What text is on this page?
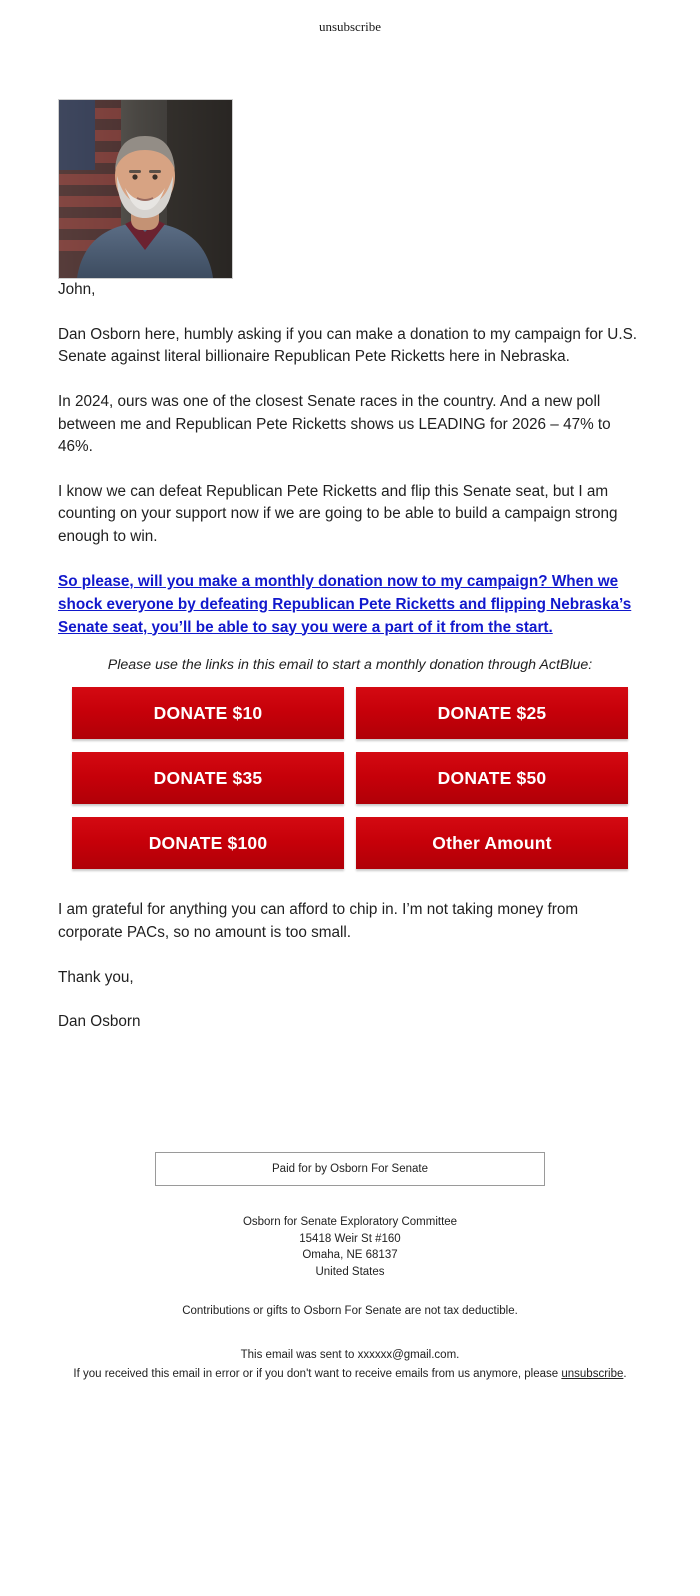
unsubscribe

John,

Dan Osborn here, humbly asking if you can make a donation to my campaign for U.S. Senate against literal billionaire Republican Pete Ricketts here in Nebraska.

In 2024, ours was one of the closest Senate races in the country. And a new poll between me and Republican Pete Ricketts shows us LEADING for 2026 – 47% to 46%.

I know we can defeat Republican Pete Ricketts and flip this Senate seat, but I am counting on your support now if we are going to be able to build a campaign strong enough to win.

So please, will you make a monthly donation now to my campaign? When we shock everyone by defeating Republican Pete Ricketts and flipping Nebraska’s Senate seat, you’ll be able to say you were a part of it from the start.

Please use the links in this email to start a monthly donation through ActBlue:

DONATE $10	DONATE $25
DONATE $35	DONATE $50
DONATE $100	Other Amount

I am grateful for anything you can afford to chip in. I’m not taking money from corporate PACs, so no amount is too small.

Thank you,

Dan Osborn

Paid for by Osborn For Senate
Osborn for Senate Exploratory Committee
15418 Weir St #160
Omaha, NE 68137
United States
Contributions or gifts to Osborn For Senate are not tax deductible.
This email was sent to xxxxxx@gmail.com.
If you received this email in error or if you don't want to receive emails from us anymore, please unsubscribe.
